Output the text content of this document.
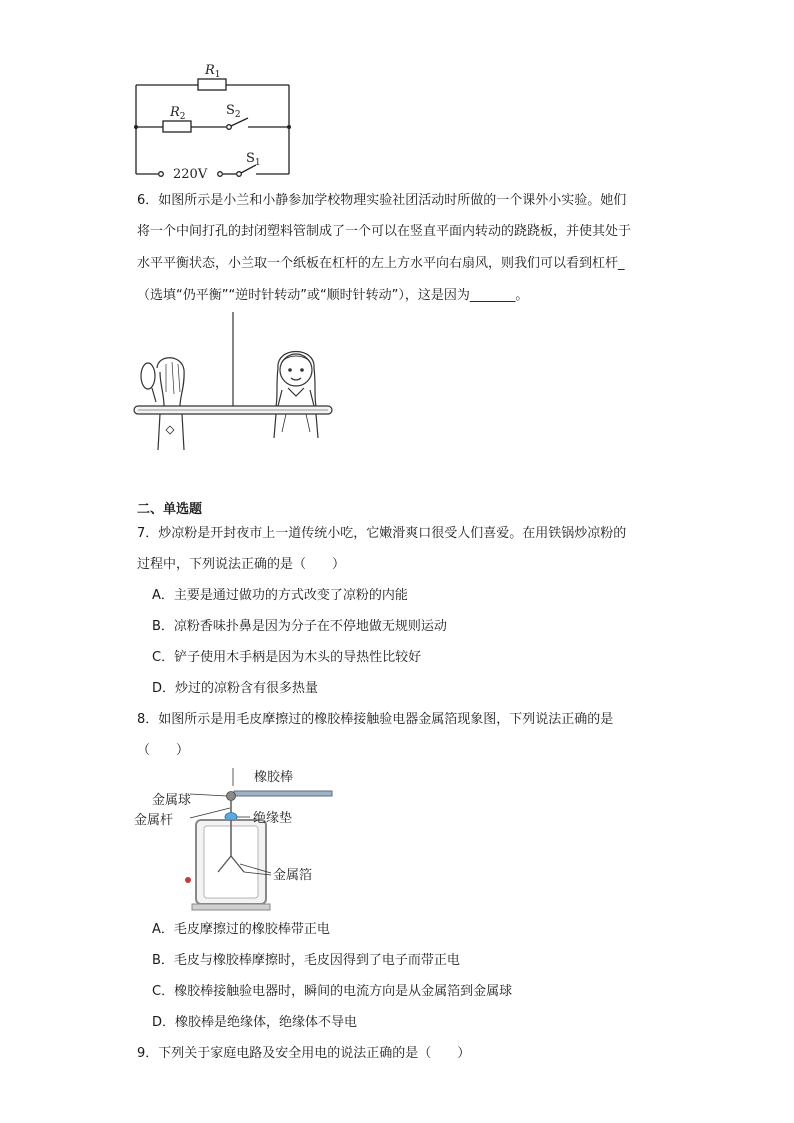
$R_1$
$R_2$	$S_2$
$S_1$
220V
6．如图所示是小兰和小静参加学校物理实验社团活动时所做的一个课外小实验。她们
将一个中间打孔的封闭塑料管制成了一个可以在竖直平面内转动的跷跷板，并使其处于
水平平衡状态，小兰取一个纸板在杠杆的左上方水平向右扇风，则我们可以看到杠杆_
（选填“仍平衡”“逆时针转动”或“顺时针转动”），这是因为_______。
二、单选题
7．炒凉粉是开封夜市上一道传统小吃，它嫩滑爽口很受人们喜爱。在用铁锅炒凉粉的
过程中，下列说法正确的是（　　）
A．主要是通过做功的方式改变了凉粉的内能
B．凉粉香味扑鼻是因为分子在不停地做无规则运动
C．铲子使用木手柄是因为木头的导热性比较好
D．炒过的凉粉含有很多热量
8．如图所示是用毛皮摩擦过的橡胶棒接触验电器金属箔现象图，下列说法正确的是
（　　）
橡胶棒
金属球
金属杆	绝缘垫
金属箔
A．毛皮摩擦过的橡胶棒带正电
B．毛皮与橡胶棒摩擦时，毛皮因得到了电子而带正电
C．橡胶棒接触验电器时，瞬间的电流方向是从金属箔到金属球
D．橡胶棒是绝缘体，绝缘体不导电
9．下列关于家庭电路及安全用电的说法正确的是（　　）
